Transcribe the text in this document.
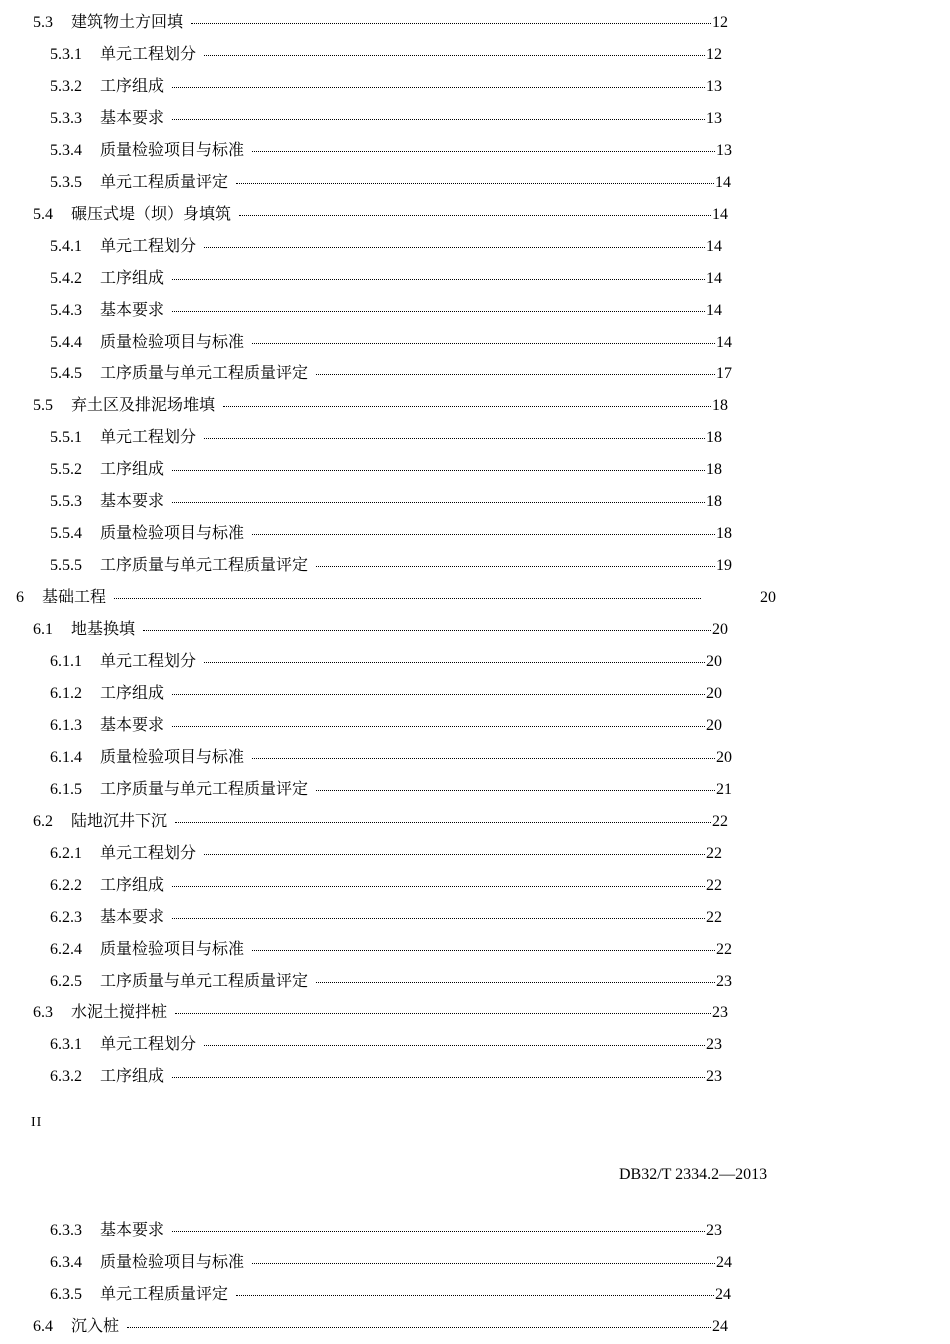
5.3	建筑物土方回填	12
5.3.1	单元工程划分	12
5.3.2	工序组成	13
5.3.3	基本要求	13
5.3.4	质量检验项目与标准	13
5.3.5	单元工程质量评定	14
5.4	碾压式堤（坝）身填筑	14
5.4.1	单元工程划分	14
5.4.2	工序组成	14
5.4.3	基本要求	14
5.4.4	质量检验项目与标准	14
5.4.5	工序质量与单元工程质量评定	17
5.5	弃土区及排泥场堆填	18
5.5.1	单元工程划分	18
5.5.2	工序组成	18
5.5.3	基本要求	18
5.5.4	质量检验项目与标准	18
5.5.5	工序质量与单元工程质量评定	19
6	基础工程	20
6.1	地基换填	20
6.1.1	单元工程划分	20
6.1.2	工序组成	20
6.1.3	基本要求	20
6.1.4	质量检验项目与标准	20
6.1.5	工序质量与单元工程质量评定	21
6.2	陆地沉井下沉	22
6.2.1	单元工程划分	22
6.2.2	工序组成	22
6.2.3	基本要求	22
6.2.4	质量检验项目与标准	22
6.2.5	工序质量与单元工程质量评定	23
6.3	水泥土搅拌桩	23
6.3.1	单元工程划分	23
6.3.2	工序组成	23
6.3.3	基本要求	23
6.3.4	质量检验项目与标准	24
6.3.5	单元工程质量评定	24
6.4	沉入桩	24
II
DB32/T 2334.2—2013
